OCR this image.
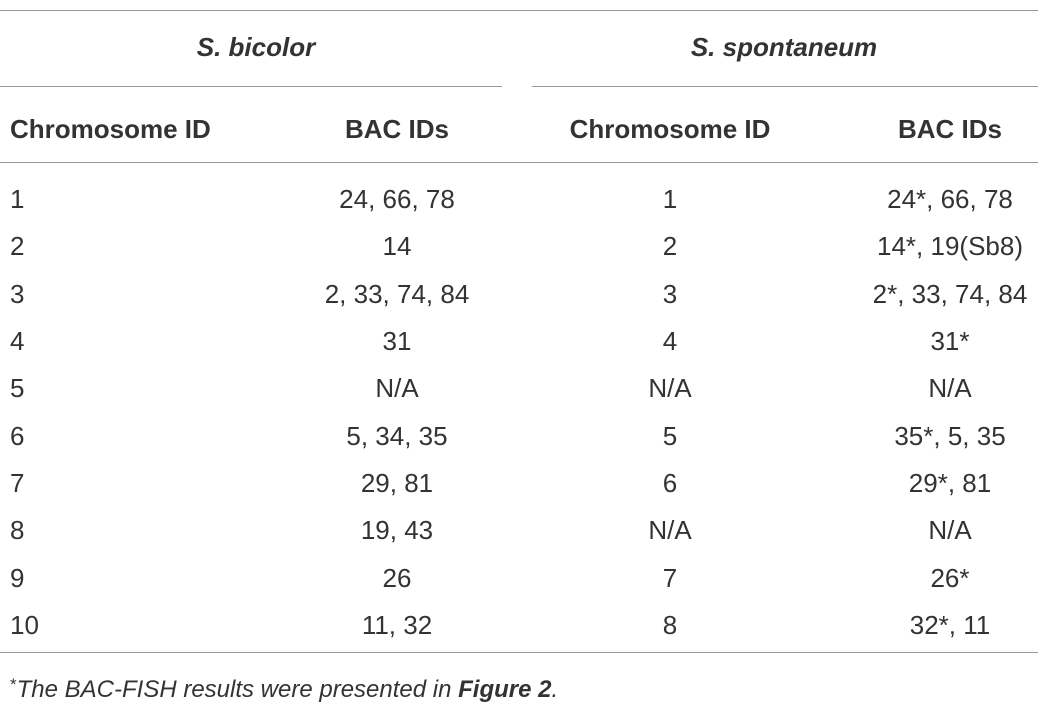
S. bicolor	S. spontaneum
Chromosome ID	BAC IDs	Chromosome ID	BAC IDs
1	24, 66, 78	1	24*, 66, 78
2	14	2	14*, 19(Sb8)
3	2, 33, 74, 84	3	2*, 33, 74, 84
4	31	4	31*
5	N/A	N/A	N/A
6	5, 34, 35	5	35*, 5, 35
7	29, 81	6	29*, 81
8	19, 43	N/A	N/A
9	26	7	26*
10	11, 32	8	32*, 11
*The BAC-FISH results were presented in Figure 2.
